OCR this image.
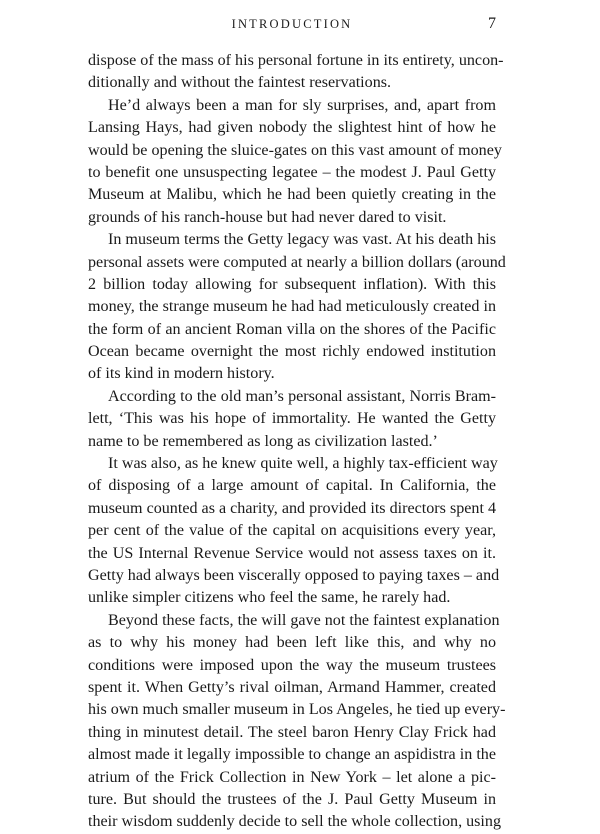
INTRODUCTION	7
dispose of the mass of his personal fortune in its entirety, uncon-
ditionally and without the faintest reservations.
He’d always been a man for sly surprises, and, apart from
Lansing Hays, had given nobody the slightest hint of how he
would be opening the sluice-gates on this vast amount of money
to benefit one unsuspecting legatee – the modest J. Paul Getty
Museum at Malibu, which he had been quietly creating in the
grounds of his ranch-house but had never dared to visit.
In museum terms the Getty legacy was vast. At his death his
personal assets were computed at nearly a billion dollars (around
2 billion today allowing for subsequent inflation). With this
money, the strange museum he had had meticulously created in
the form of an ancient Roman villa on the shores of the Pacific
Ocean became overnight the most richly endowed institution
of its kind in modern history.
According to the old man’s personal assistant, Norris Bram-
lett, ‘This was his hope of immortality. He wanted the Getty
name to be remembered as long as civilization lasted.’
It was also, as he knew quite well, a highly tax-efficient way
of disposing of a large amount of capital. In California, the
museum counted as a charity, and provided its directors spent 4
per cent of the value of the capital on acquisitions every year,
the US Internal Revenue Service would not assess taxes on it.
Getty had always been viscerally opposed to paying taxes – and
unlike simpler citizens who feel the same, he rarely had.
Beyond these facts, the will gave not the faintest explanation
as to why his money had been left like this, and why no
conditions were imposed upon the way the museum trustees
spent it. When Getty’s rival oilman, Armand Hammer, created
his own much smaller museum in Los Angeles, he tied up every-
thing in minutest detail. The steel baron Henry Clay Frick had
almost made it legally impossible to change an aspidistra in the
atrium of the Frick Collection in New York – let alone a pic-
ture. But should the trustees of the J. Paul Getty Museum in
their wisdom suddenly decide to sell the whole collection, using
